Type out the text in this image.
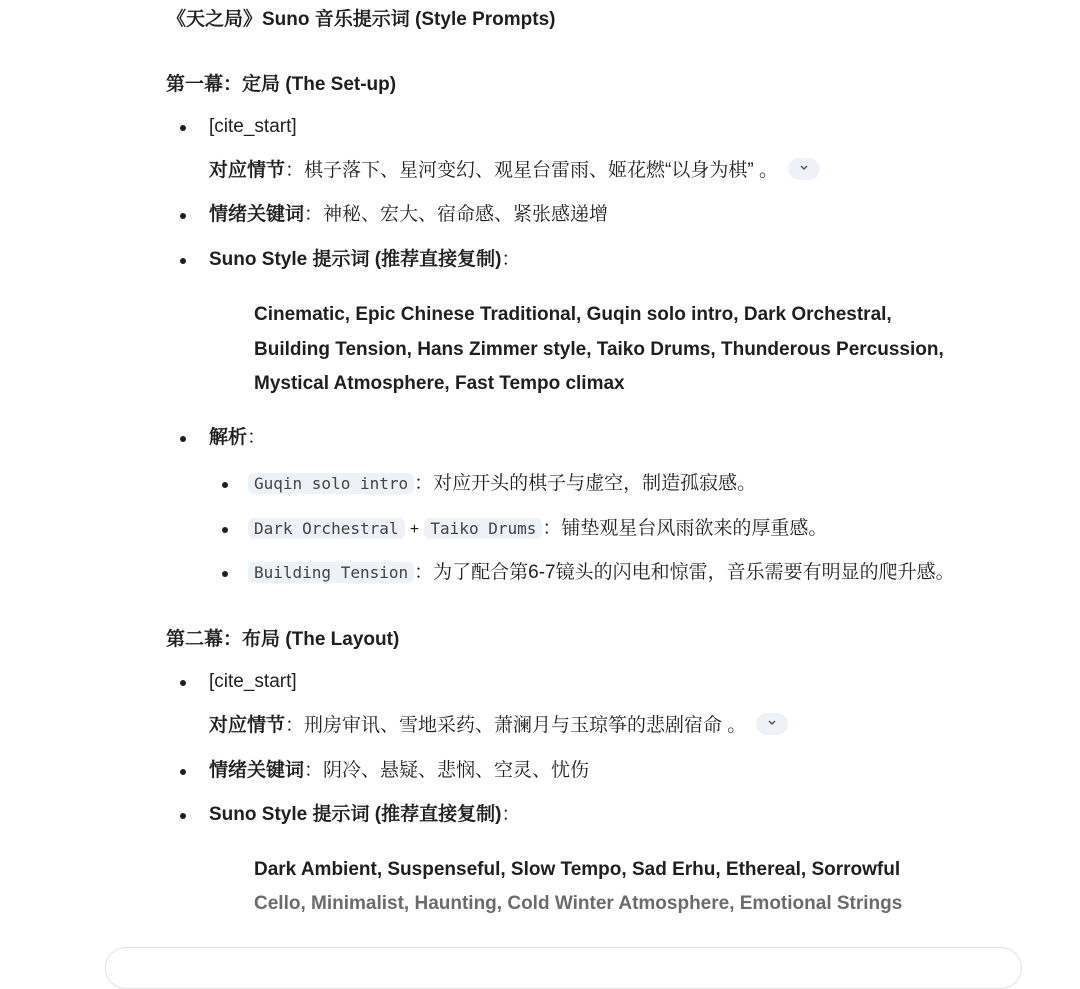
《天之局》Suno 音乐提示词 (Style Prompts)
第一幕：定局 (The Set-up)
[cite_start]
对应情节：棋子落下、星河变幻、观星台雷雨、姬花燃“以身为棋” 。
情绪关键词：神秘、宏大、宿命感、紧张感递增
Suno Style 提示词 (推荐直接复制)：
Cinematic, Epic Chinese Traditional, Guqin solo intro, Dark Orchestral,
Building Tension, Hans Zimmer style, Taiko Drums, Thunderous Percussion,
Mystical Atmosphere, Fast Tempo climax
解析：
Guqin solo intro ：对应开头的棋子与虚空，制造孤寂感。
Dark Orchestral + Taiko Drums ：铺垫观星台风雨欲来的厚重感。
Building Tension ：为了配合第6-7镜头的闪电和惊雷，音乐需要有明显的爬升感。
第二幕：布局 (The Layout)
[cite_start]
对应情节：刑房审讯、雪地采药、萧澜月与玉琼筝的悲剧宿命 。
情绪关键词：阴冷、悬疑、悲悯、空灵、忧伤
Suno Style 提示词 (推荐直接复制)：
Dark Ambient, Suspenseful, Slow Tempo, Sad Erhu, Ethereal, Sorrowful
Cello, Minimalist, Haunting, Cold Winter Atmosphere, Emotional Strings
